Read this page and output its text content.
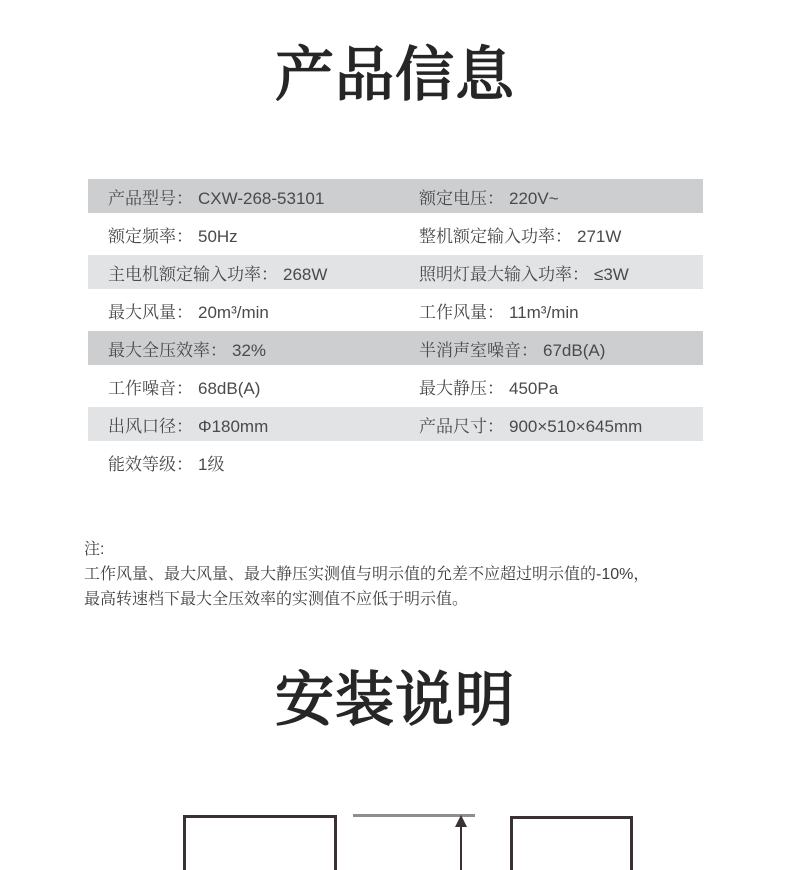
产品信息
产品型号： CXW-268-53101	额定电压： 220V~
额定频率： 50Hz	整机额定输入功率： 271W
主电机额定输入功率： 268W	照明灯最大输入功率： ≤3W
最大风量： 20m³/min	工作风量： 11m³/min
最大全压效率： 32%	半消声室噪音： 67dB(A)
工作噪音： 68dB(A)	最大静压： 450Pa
出风口径： Φ180mm	产品尺寸： 900×510×645mm
能效等级： 1级
注:
工作风量、最大风量、最大静压实测值与明示值的允差不应超过明示值的-10%，
最高转速档下最大全压效率的实测值不应低于明示值。
安装说明
